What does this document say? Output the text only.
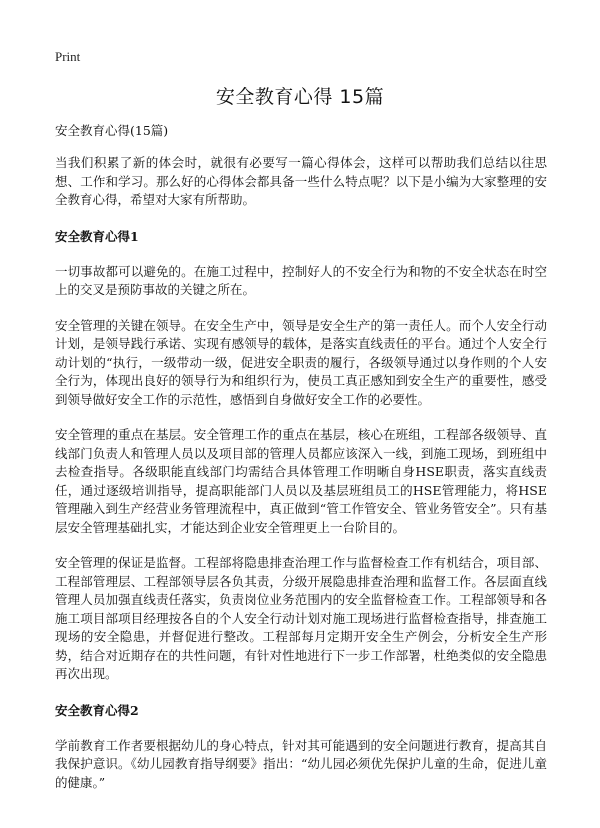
Print
安全教育心得 15篇

安全教育心得(15篇)

当我们积累了新的体会时，就很有必要写一篇心得体会，这样可以帮助我们总结以往思想、工作和学习。那么好的心得体会都具备一些什么特点呢？以下是小编为大家整理的安全教育心得，希望对大家有所帮助。

安全教育心得1

一切事故都可以避免的。在施工过程中，控制好人的不安全行为和物的不安全状态在时空上的交叉是预防事故的关键之所在。

安全管理的关键在领导。在安全生产中，领导是安全生产的第一责任人。而个人安全行动计划，是领导践行承诺、实现有感领导的载体，是落实直线责任的平台。通过个人安全行动计划的“执行，一级带动一级，促进安全职责的履行，各级领导通过以身作则的个人安全行为，体现出良好的领导行为和组织行为，使员工真正感知到安全生产的重要性，感受到领导做好安全工作的示范性，感悟到自身做好安全工作的必要性。

安全管理的重点在基层。安全管理工作的重点在基层，核心在班组，工程部各级领导、直线部门负责人和管理人员以及项目部的管理人员都应该深入一线，到施工现场，到班组中去检查指导。各级职能直线部门均需结合具体管理工作明晰自身HSE职责，落实直线责任，通过逐级培训指导，提高职能部门人员以及基层班组员工的HSE管理能力，将HSE管理融入到生产经营业务管理流程中，真正做到“管工作管安全、管业务管安全”。只有基层安全管理基础扎实，才能达到企业安全管理更上一台阶目的。

安全管理的保证是监督。工程部将隐患排查治理工作与监督检查工作有机结合，项目部、工程部管理层、工程部领导层各负其责，分级开展隐患排查治理和监督工作。各层面直线管理人员加强直线责任落实，负责岗位业务范围内的安全监督检查工作。工程部领导和各施工项目部项目经理按各自的个人安全行动计划对施工现场进行监督检查指导，排查施工现场的安全隐患，并督促进行整改。工程部每月定期开安全生产例会，分析安全生产形势，结合对近期存在的共性问题，有针对性地进行下一步工作部署，杜绝类似的安全隐患再次出现。

安全教育心得2

学前教育工作者要根据幼儿的身心特点，针对其可能遇到的安全问题进行教育，提高其自我保护意识。《幼儿园教育指导纲要》指出：“幼儿园必须优先保护儿童的生命，促进儿童的健康。”
